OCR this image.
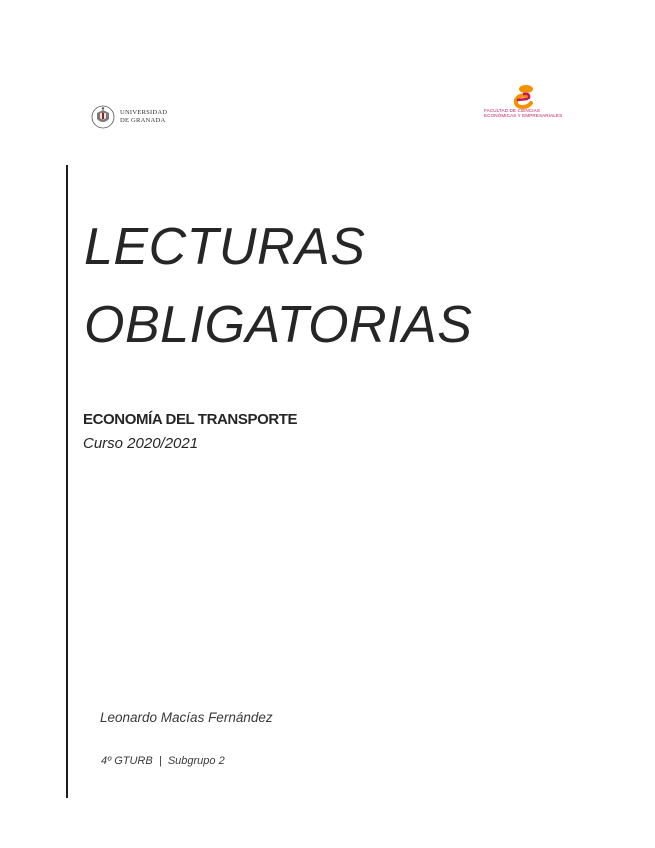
UNIVERSIDAD
DE GRANADA
FACULTAD DE CIENCIAS
ECONÓMICAS Y EMPRESARIALES
LECTURAS
OBLIGATORIAS

ECONOMÍA DEL TRANSPORTE

Curso 2020/2021

Leonardo Macías Fernández

4º GTURB | Subgrupo 2
